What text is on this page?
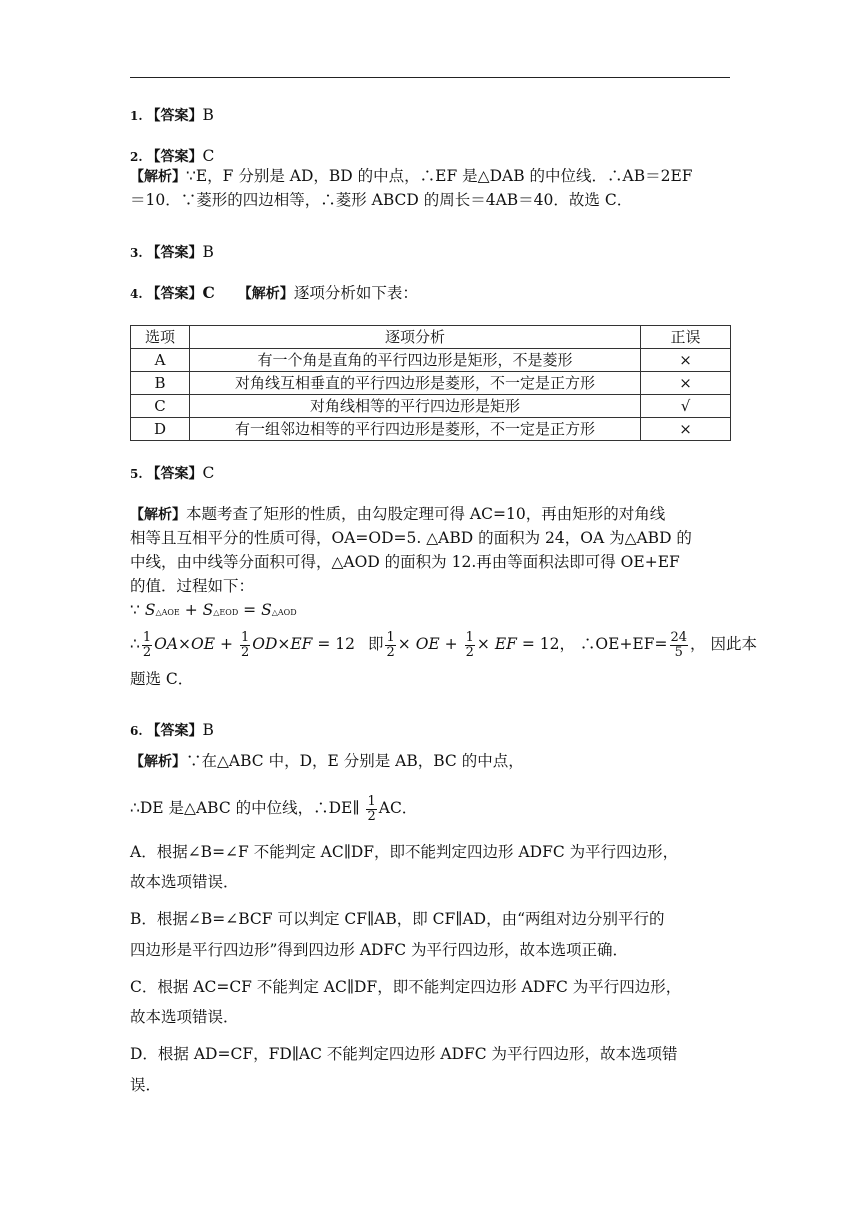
1. 【答案】B
2. 【答案】C
【解析】∵E，F 分别是 AD，BD 的中点，∴EF 是△DAB 的中位线．∴AB＝2EF
＝10．∵菱形的四边相等，∴菱形 ABCD 的周长＝4AB＝40．故选 C．
3. 【答案】B
4. 【答案】C 【解析】逐项分析如下表：
选项	逐项分析	正误
A	有一个角是直角的平行四边形是矩形，不是菱形	×
B	对角线互相垂直的平行四边形是菱形，不一定是正方形	×
C	对角线相等的平行四边形是矩形	√
D	有一组邻边相等的平行四边形是菱形，不一定是正方形	×
5. 【答案】C
【解析】本题考查了矩形的性质，由勾股定理可得 AC=10，再由矩形的对角线
相等且互相平分的性质可得，OA=OD=5. △ABD 的面积为 24，OA 为△ABD 的
中线，由中线等分面积可得，△AOD 的面积为 12.再由等面积法即可得 OE+EF
的值．过程如下：
∵ S△AOE + S△EOD = S△AOD
∴ $\frac{1}{2} OA\times OE + \frac{1}{2} OD\times EF = 12$ 即 $\frac{1}{2}$ × OE + $\frac{1}{2}$ × EF = 12， ∴OE+EF= $\frac{24}{5}$ ， 因此本
题选 C．
6. 【答案】B
【解析】∵在△ABC 中，D，E 分别是 AB，BC 的中点，
∴DE 是△ABC 的中位线，∴DE∥ $\frac{1}{2}$ AC．
A．根据∠B=∠F 不能判定 AC∥DF，即不能判定四边形 ADFC 为平行四边形，
故本选项错误．
B．根据∠B=∠BCF 可以判定 CF∥AB，即 CF∥AD，由“两组对边分别平行的
四边形是平行四边形”得到四边形 ADFC 为平行四边形，故本选项正确．
C．根据 AC=CF 不能判定 AC∥DF，即不能判定四边形 ADFC 为平行四边形，
故本选项错误．
D．根据 AD=CF，FD∥AC 不能判定四边形 ADFC 为平行四边形，故本选项错
误．
